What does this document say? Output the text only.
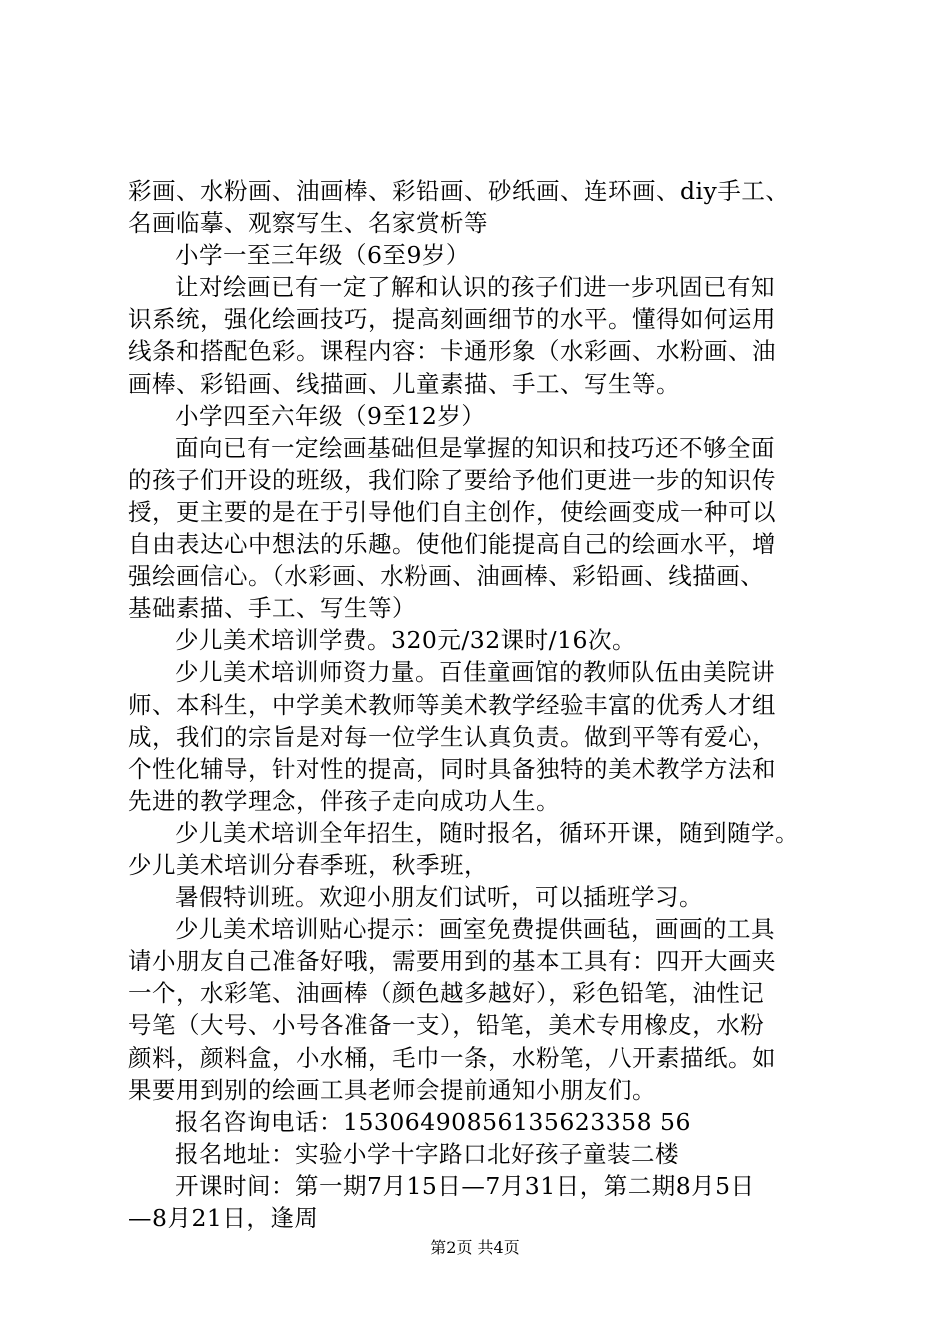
彩画、水粉画、油画棒、彩铅画、砂纸画、连环画、diy手工、
名画临摹、观察写生、名家赏析等
小学一至三年级（6至9岁）
让对绘画已有一定了解和认识的孩子们进一步巩固已有知
识系统，强化绘画技巧，提高刻画细节的水平。懂得如何运用
线条和搭配色彩。课程内容：卡通形象（水彩画、水粉画、油
画棒、彩铅画、线描画、儿童素描、手工、写生等。
小学四至六年级（9至12岁）
面向已有一定绘画基础但是掌握的知识和技巧还不够全面
的孩子们开设的班级，我们除了要给予他们更进一步的知识传
授，更主要的是在于引导他们自主创作，使绘画变成一种可以
自由表达心中想法的乐趣。使他们能提高自己的绘画水平，增
强绘画信心。（水彩画、水粉画、油画棒、彩铅画、线描画、
基础素描、手工、写生等）
少儿美术培训学费。320元/32课时/16次。
少儿美术培训师资力量。百佳童画馆的教师队伍由美院讲
师、本科生，中学美术教师等美术教学经验丰富的优秀人才组
成，我们的宗旨是对每一位学生认真负责。做到平等有爱心，
个性化辅导，针对性的提高，同时具备独特的美术教学方法和
先进的教学理念，伴孩子走向成功人生。
少儿美术培训全年招生，随时报名，循环开课，随到随学。
少儿美术培训分春季班，秋季班，
暑假特训班。欢迎小朋友们试听，可以插班学习。
少儿美术培训贴心提示：画室免费提供画毡，画画的工具
请小朋友自己准备好哦，需要用到的基本工具有：四开大画夹
一个，水彩笔、油画棒（颜色越多越好），彩色铅笔，油性记
号笔（大号、小号各准备一支），铅笔，美术专用橡皮，水粉
颜料，颜料盒，小水桶，毛巾一条，水粉笔，八开素描纸。如
果要用到别的绘画工具老师会提前通知小朋友们。
报名咨询电话：15306490856135623358 56
报名地址：实验小学十字路口北好孩子童装二楼
开课时间：第一期7月15日—7月31日，第二期8月5日
—8月21日，逢周
第2页 共4页
